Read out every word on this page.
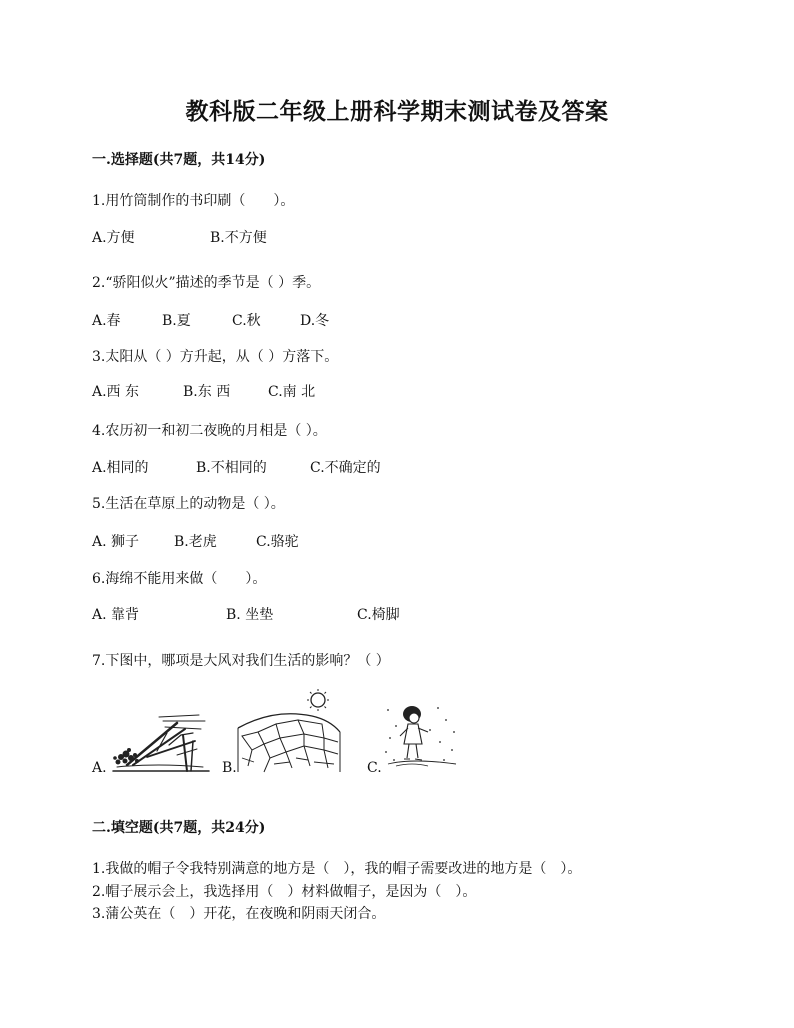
教科版二年级上册科学期末测试卷及答案
一.选择题(共7题，共14分)
1.用竹筒制作的书印刷（　　）。
A.方便	B.不方便
2.“骄阳似火”描述的季节是（ ）季。
A.春	B.夏	C.秋	D.冬
3.太阳从（ ）方升起，从（ ）方落下。
A.西 东	B.东 西	C.南 北
4.农历初一和初二夜晚的月相是（ ）。
A.相同的	B.不相同的	C.不确定的
5.生活在草原上的动物是（ ）。
A. 狮子 B.老虎	C.骆驼
6.海绵不能用来做（　　）。
A. 靠背	B. 坐垫	C.椅脚
7.下图中，哪项是大风对我们生活的影响？（ ）
A.	B.	C.
二.填空题(共7题，共24分)
1.我做的帽子令我特别满意的地方是（　），我的帽子需要改进的地方是（　）。
2.帽子展示会上，我选择用（　）材料做帽子，是因为（　）。
3.蒲公英在（　）开花，在夜晚和阴雨天闭合。
